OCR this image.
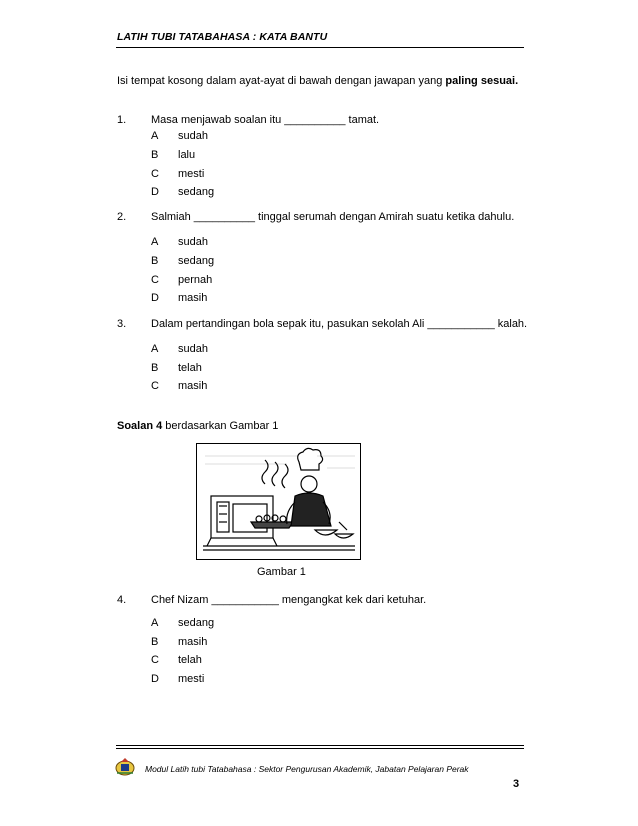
LATIH TUBI TATABAHASA : KATA BANTU
Isi tempat kosong dalam ayat-ayat di bawah dengan jawapan yang paling sesuai.
1. Masa menjawab soalan itu __________ tamat.
A sudah
B lalu
C mesti
D sedang
2. Salmiah __________ tinggal serumah dengan Amirah suatu ketika dahulu.
A sudah
B sedang
C pernah
D masih
3. Dalam pertandingan bola sepak itu, pasukan sekolah Ali ___________ kalah.
A sudah
B telah
C masih
Soalan 4 berdasarkan Gambar 1
Gambar 1
4. Chef Nizam ___________ mengangkat kek dari ketuhar.
A sedang
B masih
C telah
D mesti
Modul Latih tubi Tatabahasa : Sektor Pengurusan Akademik, Jabatan Pelajaran Perak
3
